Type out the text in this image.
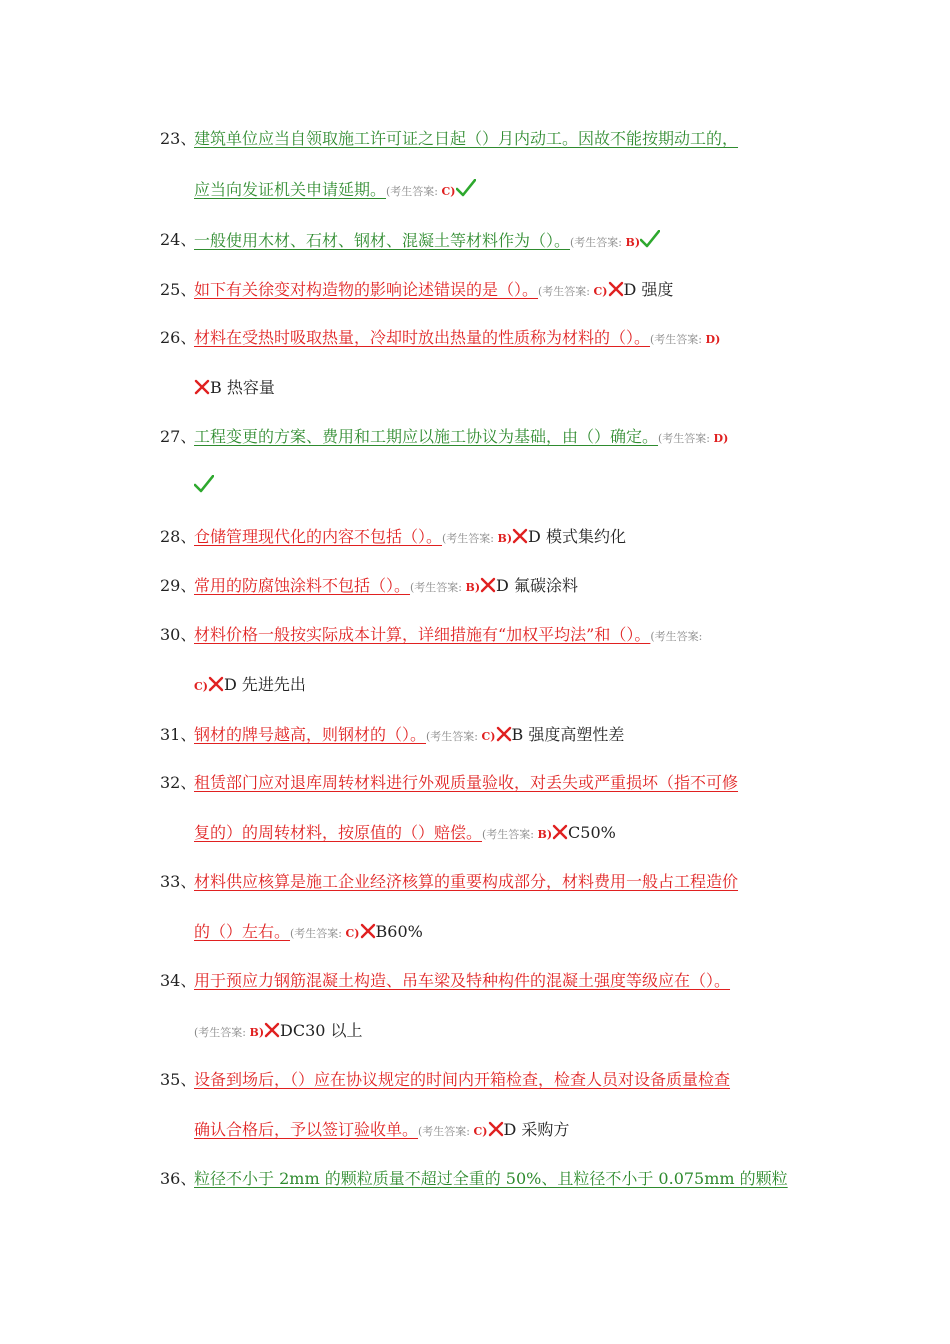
23、
建筑单位应当自领取施工许可证之日起（）月内动工。因故不能按期动工的，
应当向发证机关申请延期。(考生答案: C)
24、
一般使用木材、石材、钢材、混凝土等材料作为（）。(考生答案: B)
25、
如下有关徐变对构造物的影响论述错误的是（）。(考生答案: C) D 强度
26、
材料在受热时吸取热量，冷却时放出热量的性质称为材料的（）。(考生答案: D)
B 热容量
27、
工程变更的方案、费用和工期应以施工协议为基础，由（）确定。(考生答案: D)
28、
仓储管理现代化的内容不包括（）。(考生答案: B) D 模式集约化
29、
常用的防腐蚀涂料不包括（）。(考生答案: B) D 氟碳涂料
30、
材料价格一般按实际成本计算，详细措施有“加权平均法”和（）。(考生答案:
C) D 先进先出
31、
钢材的牌号越高，则钢材的（）。(考生答案: C) B 强度高塑性差
32、
租赁部门应对退库周转材料进行外观质量验收，对丢失或严重损坏（指不可修
复的）的周转材料，按原值的（）赔偿。(考生答案: B) C50%
33、
材料供应核算是施工企业经济核算的重要构成部分，材料费用一般占工程造价
的（）左右。(考生答案: C) B60%
34、
用于预应力钢筋混凝土构造、吊车梁及特种构件的混凝土强度等级应在（）。
(考生答案: B) DC30 以上
35、
设备到场后，（）应在协议规定的时间内开箱检查，检查人员对设备质量检查
确认合格后，予以签订验收单。(考生答案: C) D 采购方
36、
粒径不小于 2mm 的颗粒质量不超过全重的 50%、且粒径不小于 0.075mm 的颗粒
